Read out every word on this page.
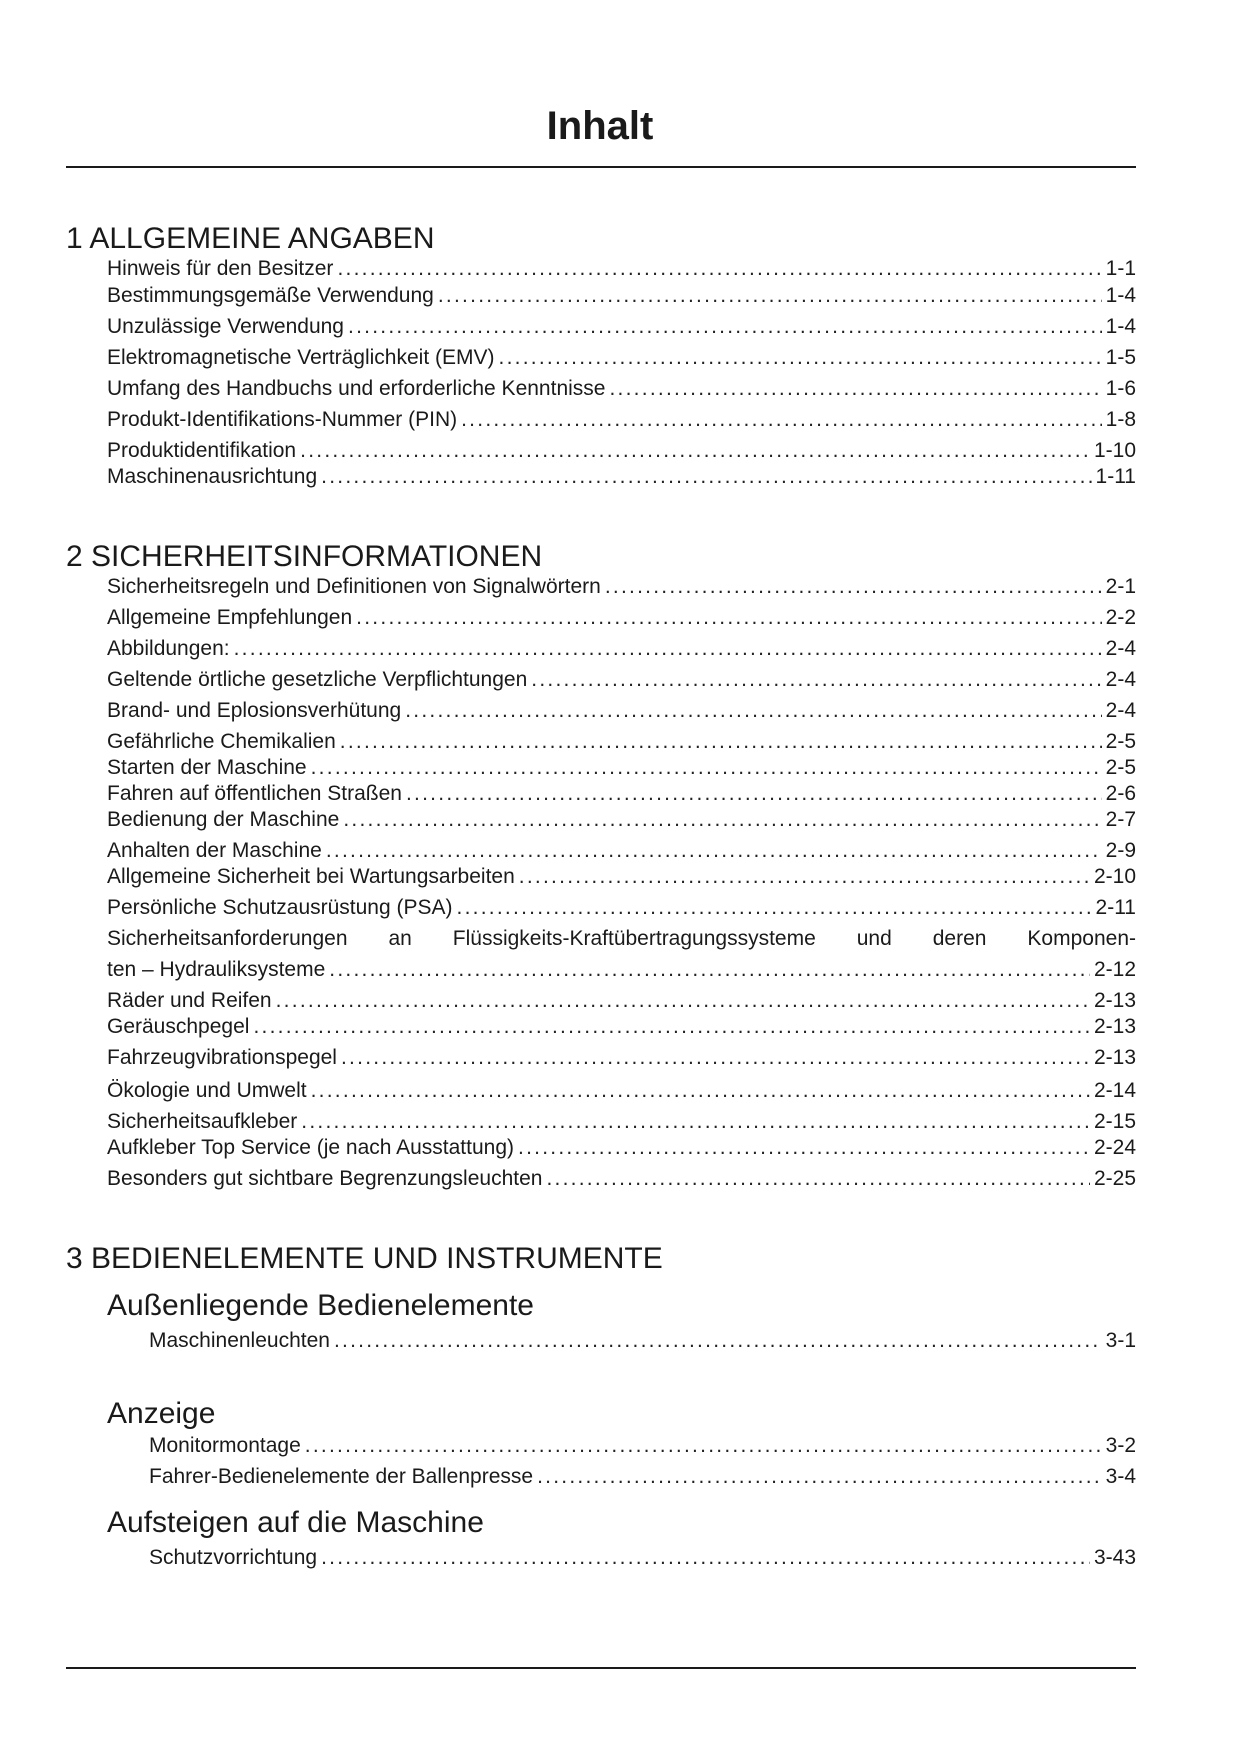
Inhalt
1 ALLGEMEINE ANGABEN
Hinweis für den Besitzer . . .	1-1
Bestimmungsgemäße Verwendung . . .	1-4
Unzulässige Verwendung . . .	1-4
Elektromagnetische Verträglichkeit (EMV) . . .	1-5
Umfang des Handbuchs und erforderliche Kenntnisse . . .	1-6
Produkt-Identifikations-Nummer (PIN) . . .	1-8
Produktidentifikation . . .	1-10
Maschinenausrichtung . . .	1-11
2 SICHERHEITSINFORMATIONEN
Sicherheitsregeln und Definitionen von Signalwörtern . . .	2-1
Allgemeine Empfehlungen . . .	2-2
Abbildungen: . . .	2-4
Geltende örtliche gesetzliche Verpflichtungen . . .	2-4
Brand- und Eplosionsverhütung . . .	2-4
Gefährliche Chemikalien . . .	2-5
Starten der Maschine . . .	2-5
Fahren auf öffentlichen Straßen . . .	2-6
Bedienung der Maschine . . .	2-7
Anhalten der Maschine . . .	2-9
Allgemeine Sicherheit bei Wartungsarbeiten . . .	2-10
Persönliche Schutzausrüstung (PSA) . . .	2-11
Sicherheitsanforderungen an Flüssigkeits-Kraftübertragungssysteme und deren Komponen-
ten – Hydrauliksysteme . . .	2-12
Räder und Reifen . . .	2-13
Geräuschpegel . . .	2-13
Fahrzeugvibrationspegel . . .	2-13
Ökologie und Umwelt . . .	2-14
Sicherheitsaufkleber . . .	2-15
Aufkleber Top Service (je nach Ausstattung) . . .	2-24
Besonders gut sichtbare Begrenzungsleuchten . . .	2-25
3 BEDIENELEMENTE UND INSTRUMENTE
Außenliegende Bedienelemente
Maschinenleuchten . . .	3-1
Anzeige
Monitormontage . . .	3-2
Fahrer-Bedienelemente der Ballenpresse . . .	3-4
Aufsteigen auf die Maschine
Schutzvorrichtung . . .	3-43
